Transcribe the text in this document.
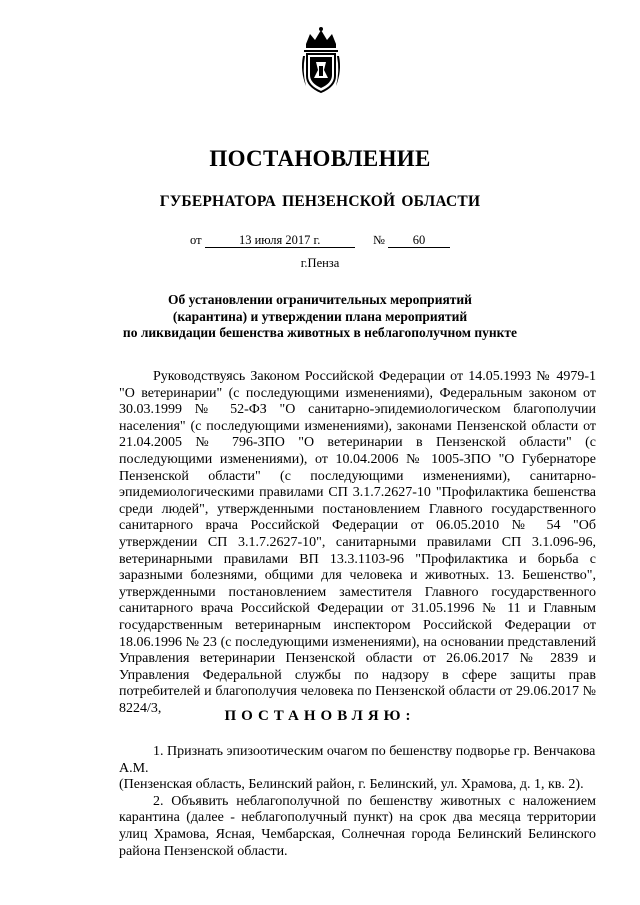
ПОСТАНОВЛЕНИЕ
ГУБЕРНАТОРА ПЕНЗЕНСКОЙ ОБЛАСТИ
от	13 июля 2017 г.	№ 60
г.Пенза
Об установлении ограничительных мероприятий
(карантина) и утверждении плана мероприятий
по ликвидации бешенства животных в неблагополучном пункте

Руководствуясь Законом Российской Федерации от 14.05.1993 № 4979-1 "О ветеринарии" (с последующими изменениями), Федеральным законом от 30.03.1999 № 52-ФЗ "О санитарно-эпидемиологическом благополучии населения" (с последующими изменениями), законами Пензенской области от 21.04.2005 № 796-ЗПО "О ветеринарии в Пензенской области" (с последующими изменениями), от 10.04.2006 № 1005-ЗПО "О Губернаторе Пензенской области" (с последующими изменениями), санитарно-эпидемиологическими правилами СП 3.1.7.2627-10 "Профилактика бешенства среди людей", утвержденными постановлением Главного государственного санитарного врача Российской Федерации от 06.05.2010 № 54 "Об утверждении СП 3.1.7.2627-10", санитарными правилами СП 3.1.096-96, ветеринарными правилами ВП 13.3.1103-96 "Профилактика и борьба с заразными болезнями, общими для человека и животных. 13. Бешенство", утвержденными постановлением заместителя Главного государственного санитарного врача Российской Федерации от 31.05.1996 № 11 и Главным государственным ветеринарным инспектором Российской Федерации от 18.06.1996 № 23 (с последующими изменениями), на основании представлений Управления ветеринарии Пензенской области от 26.06.2017 № 2839 и Управления Федеральной службы по надзору в сфере защиты прав потребителей и благополучия человека по Пензенской области от 29.06.2017 № 8224/3,	ПОСТАНОВЛЯЮ:

1. Признать эпизоотическим очагом по бешенству подворье гр. Венчакова А.М.

(Пензенская область, Белинский район, г. Белинский, ул. Храмова, д. 1, кв. 2).

2. Объявить неблагополучной по бешенству животных с наложением карантина (далее - неблагополучный пункт) на срок два месяца территории улиц Храмова, Ясная, Чембарская, Солнечная города Белинский Белинского района Пензенской области.
